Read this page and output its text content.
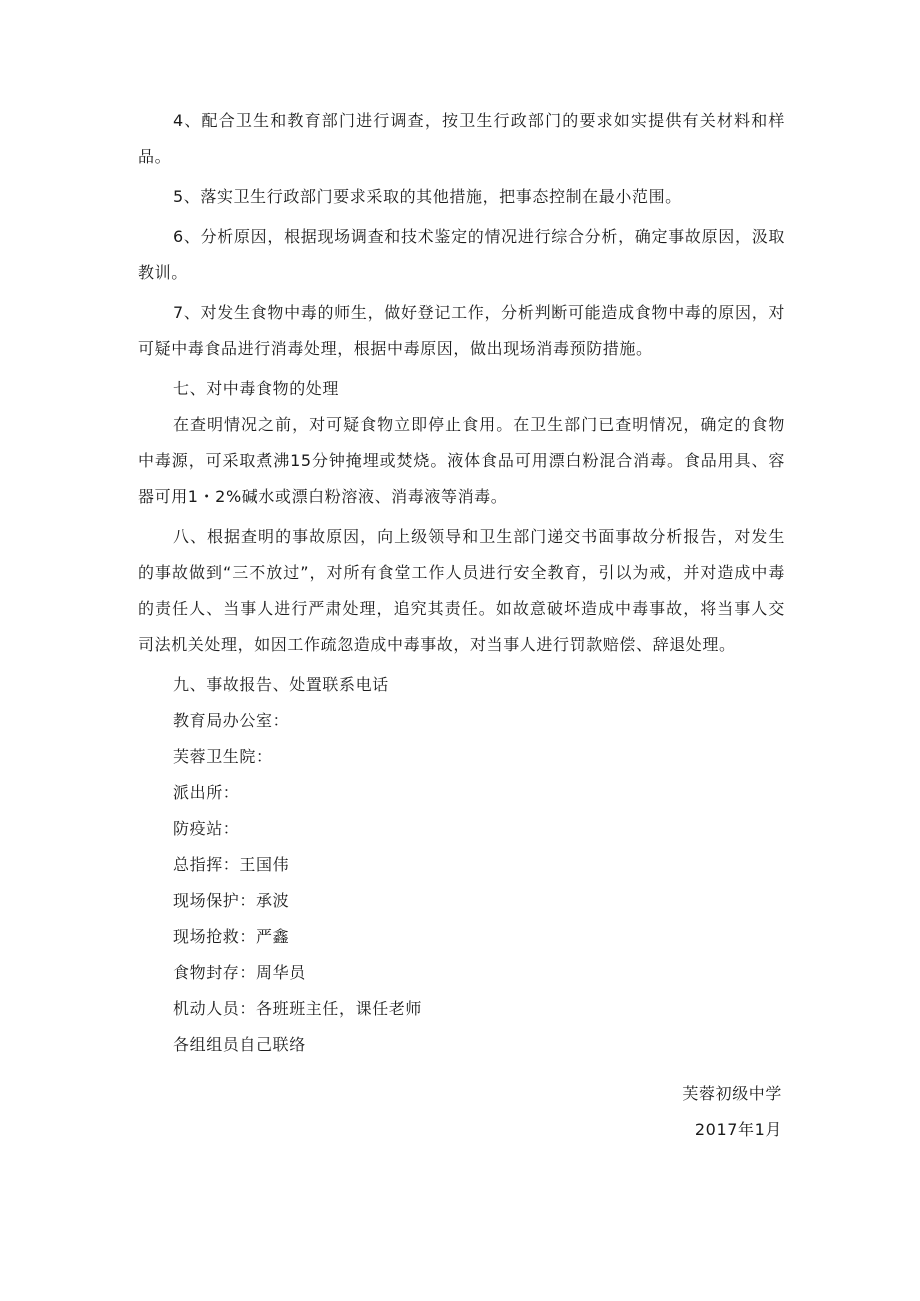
4、配合卫生和教育部门进行调查，按卫生行政部门的要求如实提供有关材料和样品。

5、落实卫生行政部门要求采取的其他措施，把事态控制在最小范围。

6、分析原因，根据现场调查和技术鉴定的情况进行综合分析，确定事故原因，汲取教训。

7、对发生食物中毒的师生，做好登记工作，分析判断可能造成食物中毒的原因，对可疑中毒食品进行消毒处理，根据中毒原因，做出现场消毒预防措施。

七、对中毒食物的处理

在查明情况之前，对可疑食物立即停止食用。在卫生部门已查明情况，确定的食物中毒源，可采取煮沸15分钟掩埋或焚烧。液体食品可用漂白粉混合消毒。食品用具、容器可用1・2%碱水或漂白粉溶液、消毒液等消毒。

八、根据查明的事故原因，向上级领导和卫生部门递交书面事故分析报告，对发生的事故做到“三不放过”，对所有食堂工作人员进行安全教育，引以为戒，并对造成中毒的责任人、当事人进行严肃处理，追究其责任。如故意破坏造成中毒事故，将当事人交司法机关处理，如因工作疏忽造成中毒事故，对当事人进行罚款赔偿、辞退处理。

九、事故报告、处置联系电话

教育局办公室：

芙蓉卫生院：

派出所：

防疫站：

总指挥：王国伟

现场保护：承波

现场抢救：严鑫

食物封存：周华员

机动人员：各班班主任，课任老师

各组组员自己联络

芙蓉初级中学

2017年1月
